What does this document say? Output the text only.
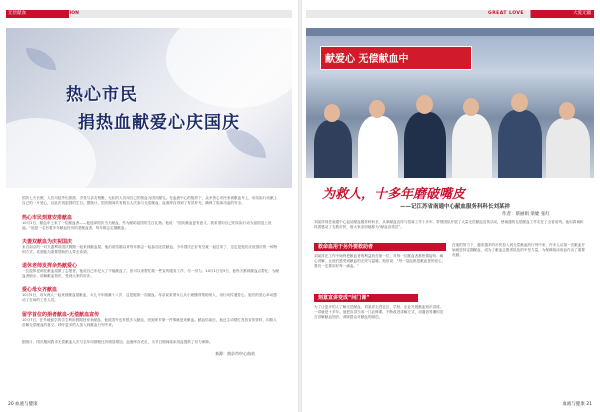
无偿献血 BLOOD DONATION	GREAT LOVE	大爱无疆
热心市民
捐热血献爱心庆国庆
国庆七天长假，人们可趁外出旅游、享受与亲友相聚，无私的人们用自己的热血为国庆献礼。在血液中心的组织下，众多热心市民来到献血车上，用实际行动献上自己的一片爱心，以此庆祝祖国的生日。据统计，国庆期间共有数百人次参与无偿献血，血液库存得到了有效补充，确保了临床用血的安全。
热心市民刻意安排献血
10月1日，献血车上来了一位献血者——他选择国庆当天献血，作为献给祖国的生日礼物。他说：“国庆献血更有意义，我希望用自己的实际行动为祖国送上祝福。”他是一名有着多年献血经历的老献血者，每年都会定期献血。
夫妻双献血为庆祝国庆
来自南京的一对夫妻利用国庆假期一起来到献血屋，他们说结婚以来每年都会一起参加无偿献血，今年国庆正好有空就一起过来了，这也是他们庆祝国庆的一种特别方式，希望能为需要帮助的人带去希望。
退休老师发挥余热献爱心
一位退休老师在献血屋做了志愿者，他说自己年纪大了不能献血了，但可以来帮忙做一些宣传服务工作，尽一份力。10月1日至3日，他每天都到献血点帮忙，为献血者倒水、讲解献血知识，受到大家的好评。
爱心母女齐献血
10月5日，母女两人一起来到献血屋献血，女儿今年刚满十八岁，这是她第一次献血。母亲说希望女儿从小就懂得帮助别人，用行动传递爱心，她们的爱心举动感动了在场的工作人员。
留学首位的捐者献血-无偿献血宣传
10月7日，在外地留学的学生利用假期回家来献血，他说国外也有很多人献血，回到家乡第一件事就是来献血。献血结束后，他还主动帮忙发放宣传资料，向路人讲解无偿献血的意义，呼吁更多的人加入到献血行列中来。
据统计，国庆期间我市无偿献血人次与去年同期相比有明显增加，血液库存充足，为节日期间临床用血提供了有力保障。
来源：南京市中心血站
20 血液与健康
献爱心 无偿献血中
为救人，十多年磨破嘴皮
——记江苏省南通中心献血服务科科长刘某祥
作者：蔡丽娟 梁婕 张红
刘某祥现任南通中心血站献血服务科科长，从事献血宣传与招募工作十多年，带领团队开展了大量无偿献血宣传活动，使南通的无偿献血工作走在了全省前列。他用真诚和执着感动了无数市民，被大家亲切地称为“献血宣传员”。
救命血用于另外要救助者
刘某祥在工作中始终把献血者的利益放在第一位，对每一位献血者都热情接待、耐心讲解，让他们感受到献血的光荣与温暖。他常说：“每一袋血都是献血者的爱心，我们一定要用好每一滴血。”
刻意宣讲变成“问门课”
为了让更多的人了解无偿献血，刘某祥走进社区、学校、企业开展献血知识讲座，一讲就是十多年。他把宣讲当成一门必修课，不断改进讲解方式，用通俗易懂的语言讲解献血知识，消除群众对献血的顾虑。
在他的努力下，越来越多的市民加入到无偿献血的行列中来，许多人从第一次献血开始就坚持定期献血，成为了献血志愿者队伍的中坚力量，为保障临床用血作出了重要贡献。
血液与健康 21
